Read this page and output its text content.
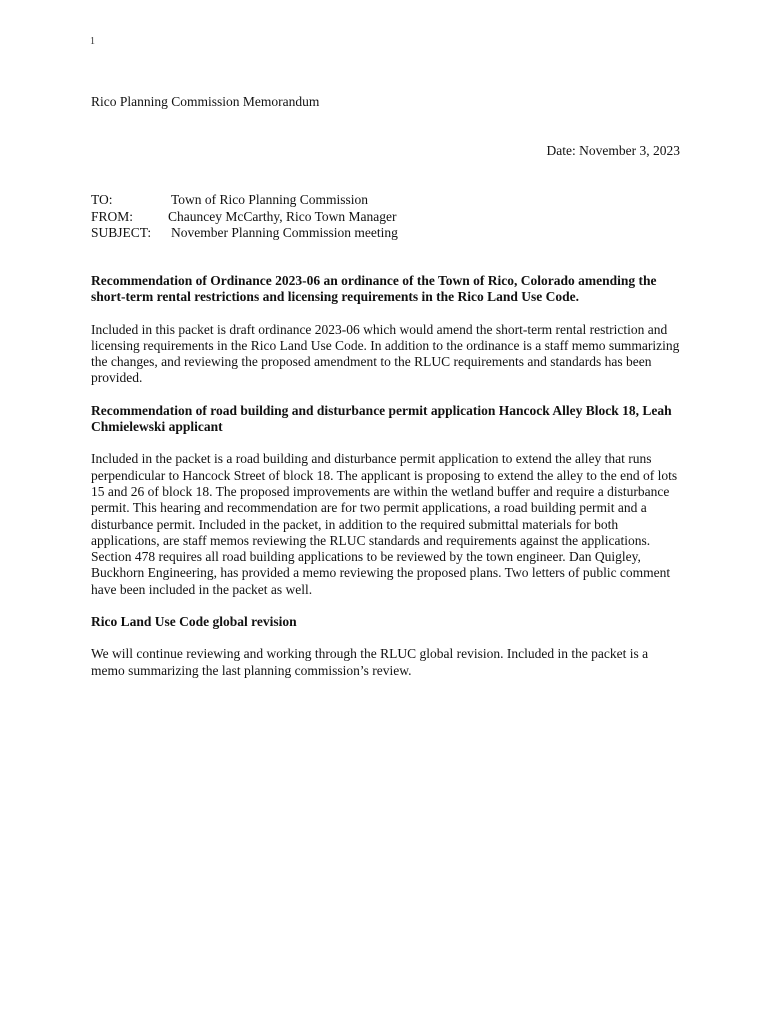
1
Rico Planning Commission Memorandum
Date: November 3, 2023
TO:	Town of Rico Planning Commission
FROM:	Chauncey McCarthy, Rico Town Manager
SUBJECT:	November Planning Commission meeting

Recommendation of Ordinance 2023-06 an ordinance of the Town of Rico, Colorado amending the short-term rental restrictions and licensing requirements in the Rico Land Use Code.

Included in this packet is draft ordinance 2023-06 which would amend the short-term rental restriction and licensing requirements in the Rico Land Use Code. In addition to the ordinance is a staff memo summarizing the changes, and reviewing the proposed amendment to the RLUC requirements and standards has been provided.

Recommendation of road building and disturbance permit application Hancock Alley Block 18, Leah Chmielewski applicant

Included in the packet is a road building and disturbance permit application to extend the alley that runs perpendicular to Hancock Street of block 18. The applicant is proposing to extend the alley to the end of lots 15 and 26 of block 18. The proposed improvements are within the wetland buffer and require a disturbance permit. This hearing and recommendation are for two permit applications, a road building permit and a disturbance permit. Included in the packet, in addition to the required submittal materials for both applications, are staff memos reviewing the RLUC standards and requirements against the applications. Section 478 requires all road building applications to be reviewed by the town engineer. Dan Quigley, Buckhorn Engineering, has provided a memo reviewing the proposed plans. Two letters of public comment have been included in the packet as well.

Rico Land Use Code global revision

We will continue reviewing and working through the RLUC global revision. Included in the packet is a memo summarizing the last planning commission’s review.
